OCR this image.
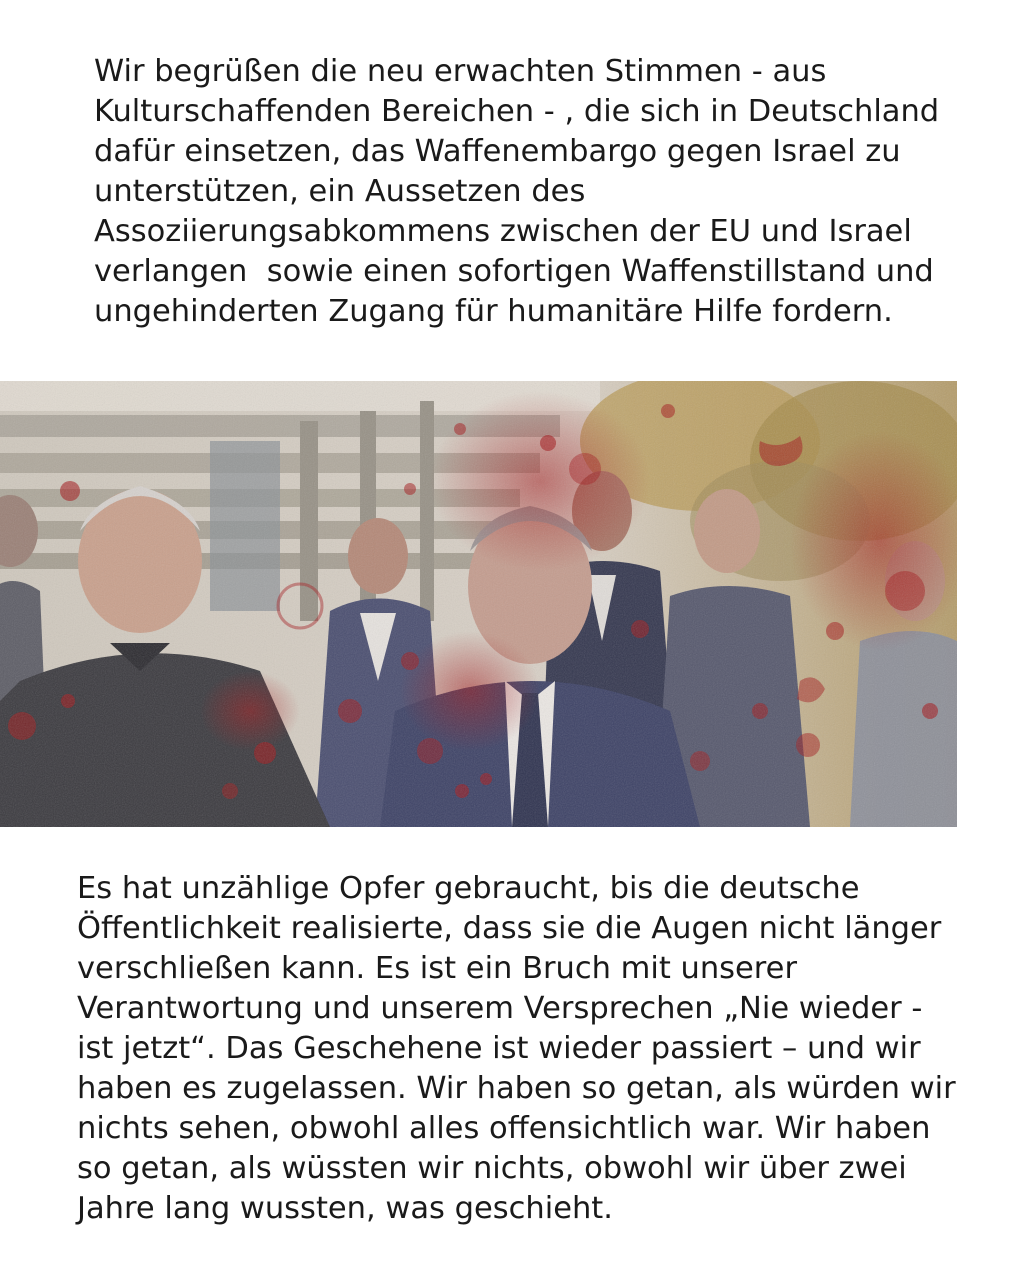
Wir begrüßen die neu erwachten Stimmen - aus
Kulturschaffenden Bereichen - , die sich in Deutschland
dafür einsetzen, das Waffenembargo gegen Israel zu
unterstützen, ein Aussetzen des
Assoziierungsabkommens zwischen der EU und Israel
verlangen  sowie einen sofortigen Waffenstillstand und
ungehinderten Zugang für humanitäre Hilfe fordern.

Es hat unzählige Opfer gebraucht, bis die deutsche
Öffentlichkeit realisierte, dass sie die Augen nicht länger
verschließen kann. Es ist ein Bruch mit unserer
Verantwortung und unserem Versprechen „Nie wieder -
ist jetzt“. Das Geschehene ist wieder passiert – und wir
haben es zugelassen. Wir haben so getan, als würden wir
nichts sehen, obwohl alles offensichtlich war. Wir haben
so getan, als wüssten wir nichts, obwohl wir über zwei
Jahre lang wussten, was geschieht.
